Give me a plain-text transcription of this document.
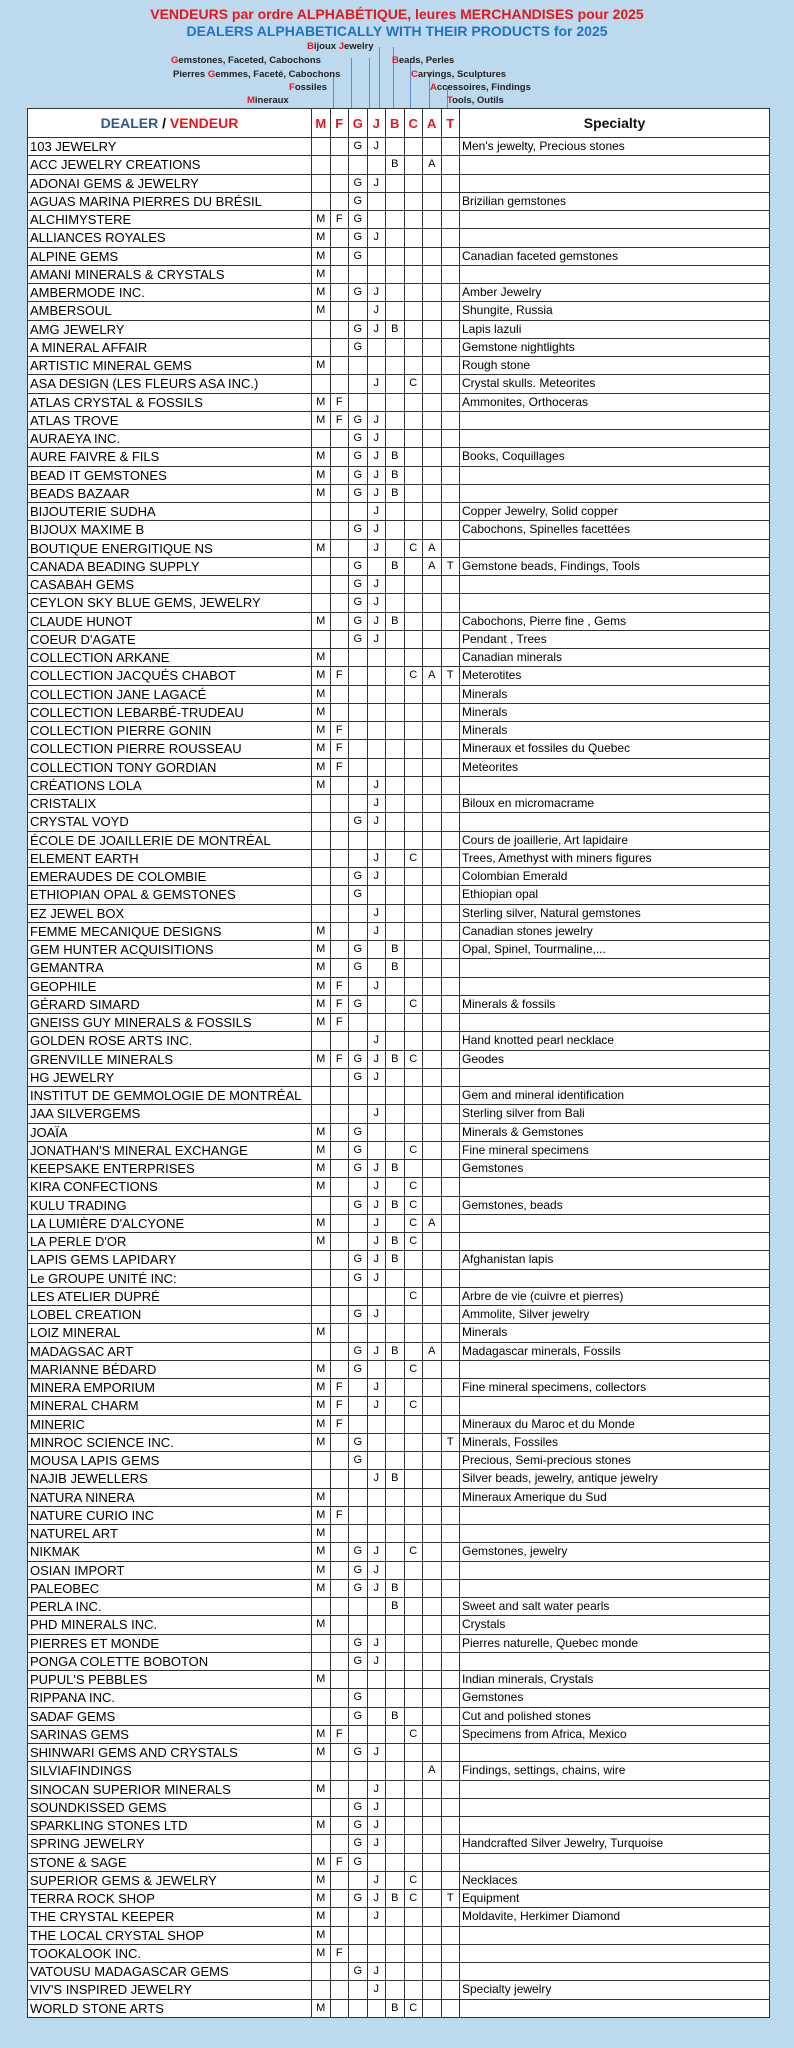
VENDEURS par ordre ALPHABÉTIQUE, leures MERCHANDISES pour 2025
DEALERS ALPHABETICALLY WITH THEIR PRODUCTS for 2025
Bijoux Jewelry
Gemstones, Faceted, Cabochons	Beads, Perles
Pierres Gemmes, Faceté, Cabochons	Carvings, Sculptures
Fossiles	Accessoires, Findings
Mineraux	Tools, Outils
DEALER / VENDEUR	M	F	G	J	B	C	A	T	Specialty
103 JEWELRY			G	J					Men's jewelty, Precious stones
ACC JEWELRY CREATIONS					B		A		
ADONAI GEMS & JEWELRY			G	J					
AGUAS MARINA PIERRES DU BRÉSIL			G						Brizilian gemstones
ALCHIMYSTERE	M	F	G						
ALLIANCES ROYALES	M		G	J					
ALPINE GEMS	M		G						Canadian faceted gemstones
AMANI MINERALS & CRYSTALS	M								
AMBERMODE INC.	M		G	J					Amber Jewelry
AMBERSOUL	M			J					Shungite, Russia
AMG JEWELRY			G	J	B				Lapis lazuli
A MINERAL AFFAIR			G						Gemstone nightlights
ARTISTIC MINERAL GEMS	M								Rough stone
ASA DESIGN (LES FLEURS ASA INC.)				J		C			Crystal skulls. Meteorites
ATLAS CRYSTAL & FOSSILS	M	F							Ammonites, Orthoceras
ATLAS TROVE	M	F	G	J					
AURAEYA INC.			G	J					
AURE FAIVRE & FILS	M		G	J	B				Books, Coquillages
BEAD IT GEMSTONES	M		G	J	B				
BEADS BAZAAR	M		G	J	B				
BIJOUTERIE SUDHA				J					Copper Jewelry, Solid copper
BIJOUX MAXIME B			G	J					Cabochons, Spinelles facettées
BOUTIQUE ENERGITIQUE NS	M			J		C	A		
CANADA BEADING SUPPLY			G		B		A	T	Gemstone beads, Findings, Tools
CASABAH GEMS			G	J					
CEYLON SKY BLUE GEMS, JEWELRY			G	J					
CLAUDE HUNOT	M		G	J	B				Cabochons, Pierre fine , Gems
COEUR D'AGATE			G	J					Pendant , Trees
COLLECTION ARKANE	M								Canadian minerals
COLLECTION JACQUÉS CHABOT	M	F				C	A	T	Meterotites
COLLECTION JANE LAGACÉ	M								Minerals
COLLECTION LEBARBÉ-TRUDEAU	M								Minerals
COLLECTION PIERRE GONIN	M	F							Minerals
COLLECTION PIERRE ROUSSEAU	M	F							Mineraux et fossiles du Quebec
COLLECTION TONY GORDIAN	M	F							Meteorites
CRÉATIONS LOLA	M			J					
CRISTALIX				J					Biloux en micromacrame
CRYSTAL VOYD			G	J					
ÉCOLE DE JOAILLERIE DE MONTRÉAL									Cours de joaillerie, Art lapidaire
ELEMENT EARTH				J		C			Trees, Amethyst with miners figures
EMERAUDES DE COLOMBIE			G	J					Colombian Emerald
ETHIOPIAN OPAL & GEMSTONES			G						Ethiopian opal
EZ JEWEL BOX				J					Sterling silver, Natural gemstones
FEMME MECANIQUE DESIGNS	M			J					Canadian stones jewelry
GEM HUNTER ACQUISITIONS	M		G		B				Opal, Spinel, Tourmaline,...
GEMANTRA	M		G		B				
GEOPHILE	M	F		J					
GÉRARD SIMARD	M	F	G			C			Minerals & fossils
GNEISS GUY MINERALS & FOSSILS	M	F							
GOLDEN ROSE ARTS INC.				J					Hand knotted pearl necklace
GRENVILLE MINERALS	M	F	G	J	B	C			Geodes
HG JEWELRY			G	J					
INSTITUT DE GEMMOLOGIE DE MONTRÉAL									Gem and mineral identification
JAA SILVERGEMS				J					Sterling silver from Bali
JOAÏA	M		G						Minerals & Gemstones
JONATHAN'S MINERAL EXCHANGE	M		G			C			Fine mineral specimens
KEEPSAKE ENTERPRISES	M		G	J	B				Gemstones
KIRA CONFECTIONS	M			J		C			
KULU TRADING			G	J	B	C			Gemstones, beads
LA LUMIÈRE D'ALCYONE	M			J		C	A		
LA PERLE D'OR	M			J	B	C			
LAPIS GEMS LAPIDARY			G	J	B				Afghanistan lapis
Le GROUPE UNITÉ INC:			G	J					
LES ATELIER DUPRÉ						C			Arbre de vie (cuivre et pierres)
LOBEL CREATION			G	J					Ammolite, Silver jewelry
LOIZ MINERAL	M								Minerals
MADAGSAC ART			G	J	B		A		Madagascar minerals, Fossils
MARIANNE BÉDARD	M		G			C			
MINERA EMPORIUM	M	F		J					Fine mineral specimens, collectors
MINERAL CHARM	M	F		J		C			
MINERIC	M	F							Mineraux du Maroc et du Monde
MINROC SCIENCE INC.	M		G					T	Minerals, Fossiles
MOUSA LAPIS GEMS			G						Precious, Semi-precious stones
NAJIB JEWELLERS				J	B				Silver beads, jewelry, antique jewelry
NATURA NINERA	M								Mineraux Amerique du Sud
NATURE CURIO INC	M	F							
NATUREL ART	M								
NIKMAK	M		G	J		C			Gemstones, jewelry
OSIAN IMPORT	M		G	J					
PALEOBEC	M		G	J	B				
PERLA INC.					B				Sweet and salt water pearls
PHD MINERALS INC.	M								Crystals
PIERRES ET MONDE			G	J					Pierres naturelle, Quebec monde
PONGA COLETTE BOBOTON			G	J					
PUPUL'S PEBBLES	M								Indian minerals, Crystals
RIPPANA INC.			G						Gemstones
SADAF GEMS			G		B				Cut and polished stones
SARINAS GEMS	M	F				C			Specimens from Africa, Mexico
SHINWARI GEMS AND CRYSTALS	M		G	J					
SILVIAFINDINGS							A		Findings, settings, chains, wire
SINOCAN SUPERIOR MINERALS	M			J					
SOUNDKISSED GEMS			G	J					
SPARKLING STONES LTD	M		G	J					
SPRING JEWELRY			G	J					Handcrafted Silver Jewelry, Turquoise
STONE & SAGE	M	F	G						
SUPERIOR GEMS & JEWELRY	M			J		C			Necklaces
TERRA ROCK SHOP	M		G	J	B	C		T	Equipment
THE CRYSTAL KEEPER	M			J					Moldavite, Herkimer Diamond
THE LOCAL CRYSTAL SHOP	M								
TOOKALOOK INC.	M	F							
VATOUSU MADAGASCAR GEMS			G	J					
VIV'S INSPIRED JEWELRY				J					Specialty jewelry
WORLD STONE ARTS	M				B	C			
